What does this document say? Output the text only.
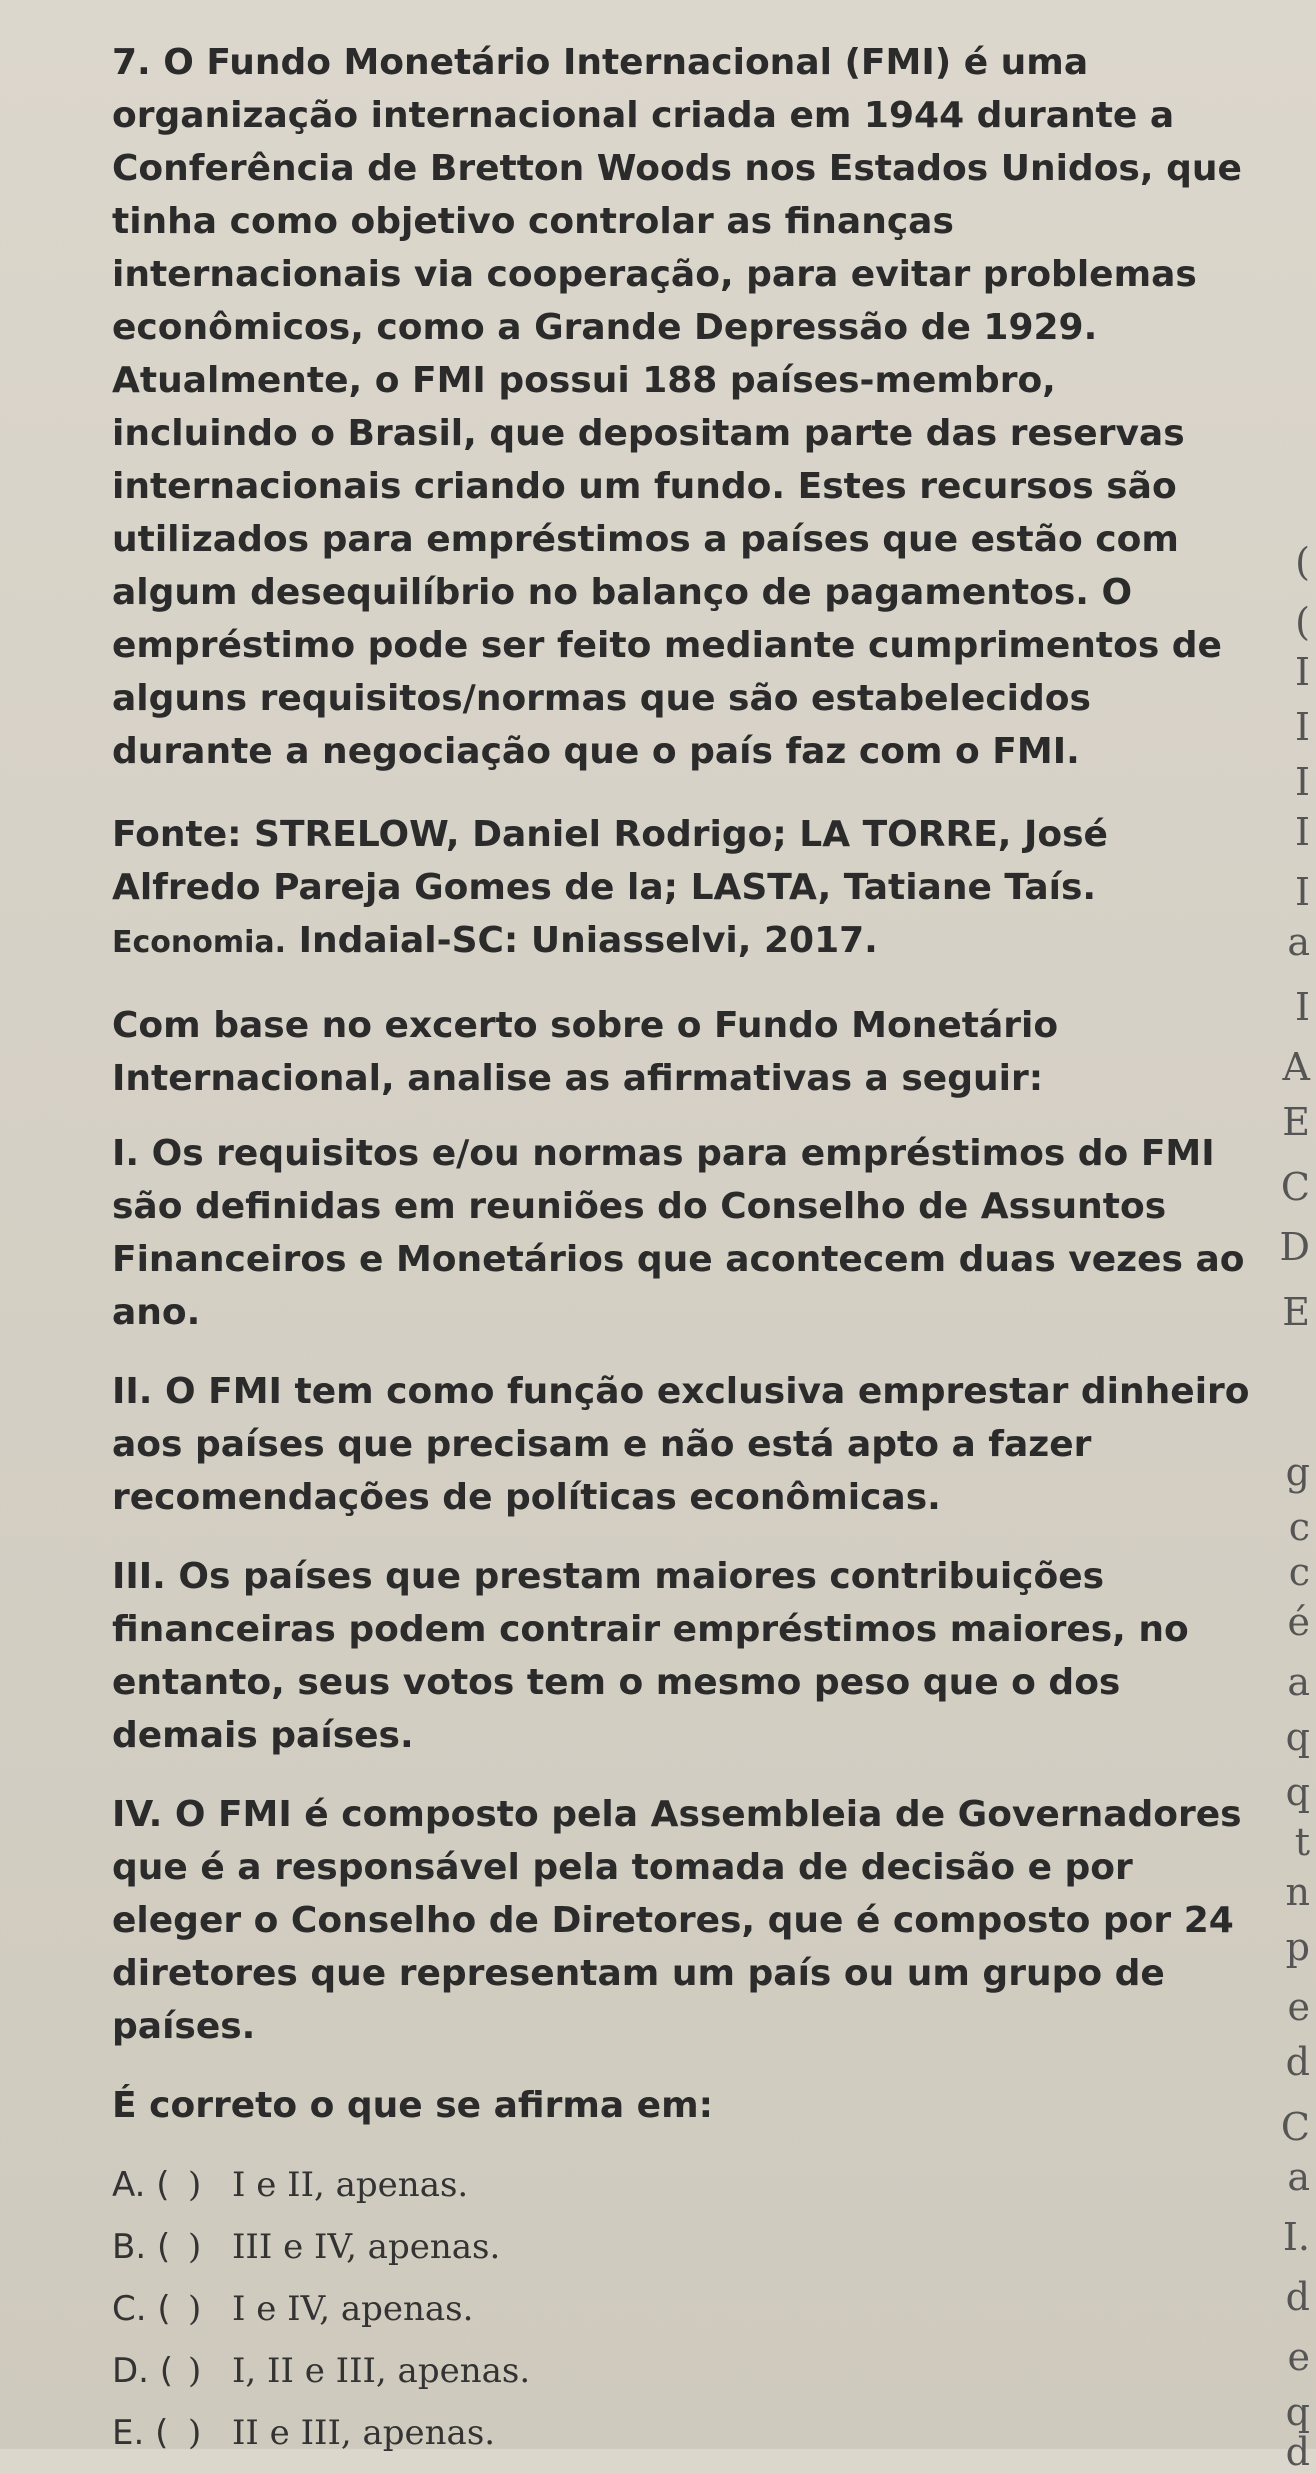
7. O Fundo Monetário Internacional (FMI) é uma organização internacional criada em 1944 durante a Conferência de Bretton Woods nos Estados Unidos, que tinha como objetivo controlar as finanças internacionais via cooperação, para evitar problemas econômicos, como a Grande Depressão de 1929. Atualmente, o FMI possui 188 países-membro, incluindo o Brasil, que depositam parte das reservas internacionais criando um fundo. Estes recursos são utilizados para empréstimos a países que estão com algum desequilíbrio no balanço de pagamentos. O empréstimo pode ser feito mediante cumprimentos de alguns requisitos/normas que são estabelecidos durante a negociação que o país faz com o FMI.

Fonte: STRELOW, Daniel Rodrigo; LA TORRE, José Alfredo Pareja Gomes de la; LASTA, Tatiane Taís.
Economia. Indaial-SC: Uniasselvi, 2017.

Com base no excerto sobre o Fundo Monetário Internacional, analise as afirmativas a seguir:

I. Os requisitos e/ou normas para empréstimos do FMI são definidas em reuniões do Conselho de Assuntos Financeiros e Monetários que acontecem duas vezes ao ano.

II. O FMI tem como função exclusiva emprestar dinheiro aos países que precisam e não está apto a fazer recomendações de políticas econômicas.

III. Os países que prestam maiores contribuições financeiras podem contrair empréstimos maiores, no entanto, seus votos tem o mesmo peso que o dos demais países.

IV. O FMI é composto pela Assembleia de Governadores que é a responsável pela tomada de decisão e por eleger o Conselho de Diretores, que é composto por 24 diretores que representam um país ou um grupo de países.

É correto o que se afirma em:

A. ( ) I e II, apenas.
B. ( ) III e IV, apenas.
C. ( ) I e IV, apenas.
D. ( ) I, II e III, apenas.
E. ( ) II e III, apenas.
(
(
I
I
I
I
I
a
I
A
E
C
D
E
g
c
c
é
a
q
q
t
n
p
e
d
C
a
I.
d
e
q
d
